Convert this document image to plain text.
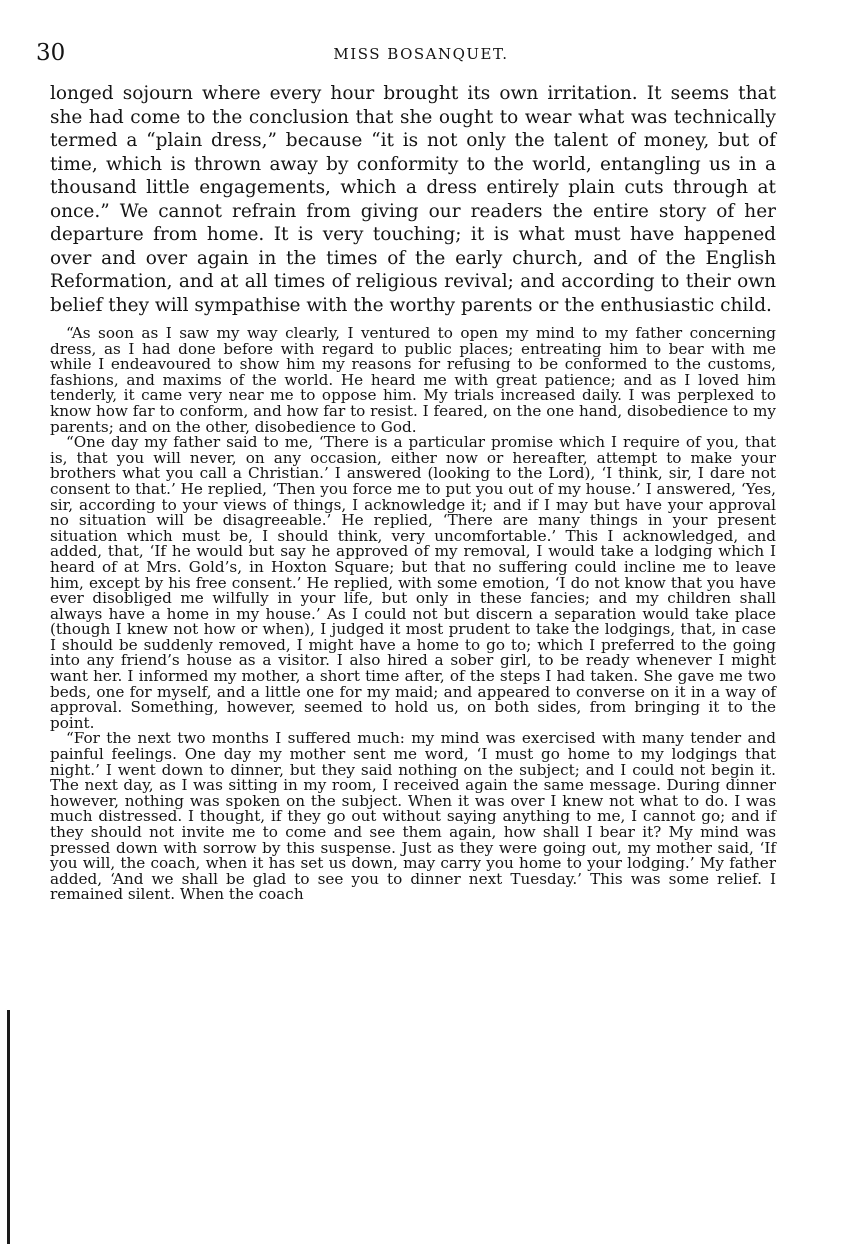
30	MISS BOSANQUET.

longed sojourn where every hour brought its own irritation. It seems that she had come to the conclusion that she ought to wear what was technically termed a “plain dress,” because “it is not only the talent of money, but of time, which is thrown away by conformity to the world, entangling us in a thousand little engagements, which a dress entirely plain cuts through at once.” We cannot refrain from giving our readers the entire story of her departure from home. It is very touching; it is what must have happened over and over again in the times of the early church, and of the English Reformation, and at all times of religious revival; and according to their own belief they will sympathise with the worthy parents or the enthusiastic child.

“As soon as I saw my way clearly, I ventured to open my mind to my father concerning dress, as I had done before with regard to public places; entreating him to bear with me while I endeavoured to show him my reasons for refusing to be conformed to the customs, fashions, and maxims of the world. He heard me with great patience; and as I loved him tenderly, it came very near me to oppose him. My trials increased daily. I was perplexed to know how far to conform, and how far to resist. I feared, on the one hand, disobedience to my parents; and on the other, disobedience to God.

“One day my father said to me, ‘There is a particular promise which I require of you, that is, that you will never, on any occasion, either now or hereafter, attempt to make your brothers what you call a Christian.’ I answered (looking to the Lord), ‘I think, sir, I dare not consent to that.’ He replied, ‘Then you force me to put you out of my house.’ I answered, ‘Yes, sir, according to your views of things, I acknowledge it; and if I may but have your approval no situation will be disagreeable.’ He replied, ‘There are many things in your present situation which must be, I should think, very uncomfortable.’ This I acknowledged, and added, that, ‘If he would but say he approved of my removal, I would take a lodging which I heard of at Mrs. Gold’s, in Hoxton Square; but that no suffering could incline me to leave him, except by his free consent.’ He replied, with some emotion, ‘I do not know that you have ever disobliged me wilfully in your life, but only in these fancies; and my children shall always have a home in my house.’ As I could not but discern a separation would take place (though I knew not how or when), I judged it most prudent to take the lodgings, that, in case I should be suddenly removed, I might have a home to go to; which I preferred to the going into any friend’s house as a visitor. I also hired a sober girl, to be ready whenever I might want her. I informed my mother, a short time after, of the steps I had taken. She gave me two beds, one for myself, and a little one for my maid; and appeared to converse on it in a way of approval. Something, however, seemed to hold us, on both sides, from bringing it to the point.

“For the next two months I suffered much: my mind was exercised with many tender and painful feelings. One day my mother sent me word, ‘I must go home to my lodgings that night.’ I went down to dinner, but they said nothing on the subject; and I could not begin it. The next day, as I was sitting in my room, I received again the same message. During dinner however, nothing was spoken on the subject. When it was over I knew not what to do. I was much distressed. I thought, if they go out without saying anything to me, I cannot go; and if they should not invite me to come and see them again, how shall I bear it? My mind was pressed down with sorrow by this suspense. Just as they were going out, my mother said, ‘If you will, the coach, when it has set us down, may carry you home to your lodging.’ My father added, ‘And we shall be glad to see you to dinner next Tuesday.’ This was some relief. I remained silent. When the coach
